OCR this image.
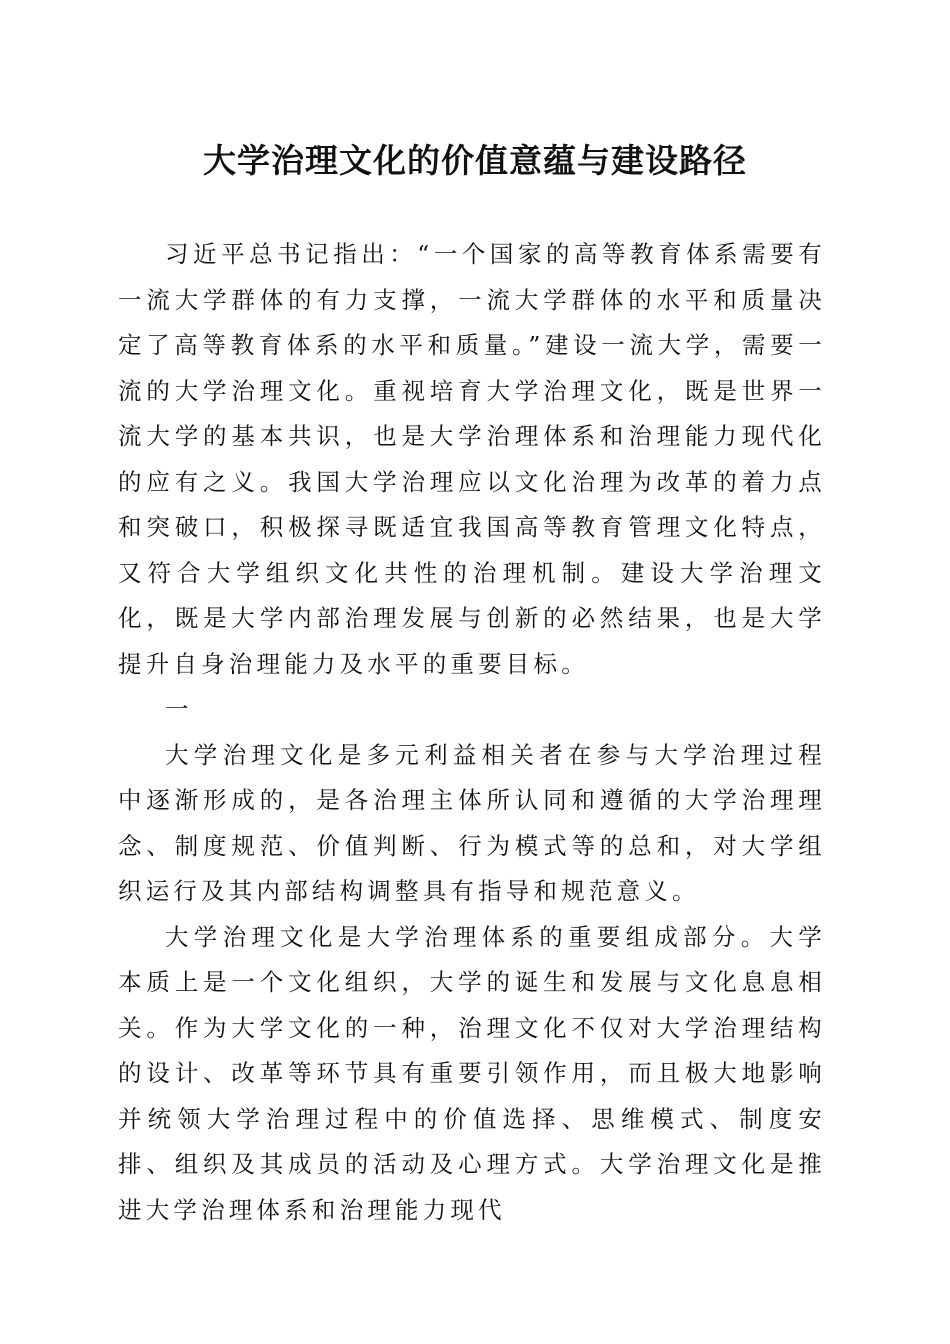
大学治理文化的价值意蕴与建设路径

习近平总书记指出：“一个国家的高等教育体系需要有一流大学群体的有力支撑，一流大学群体的水平和质量决定了高等教育体系的水平和质量。”建设一流大学，需要一流的大学治理文化。重视培育大学治理文化，既是世界一流大学的基本共识，也是大学治理体系和治理能力现代化的应有之义。我国大学治理应以文化治理为改革的着力点和突破口，积极探寻既适宜我国高等教育管理文化特点，又符合大学组织文化共性的治理机制。建设大学治理文化，既是大学内部治理发展与创新的必然结果，也是大学提升自身治理能力及水平的重要目标。

一

大学治理文化是多元利益相关者在参与大学治理过程中逐渐形成的，是各治理主体所认同和遵循的大学治理理念、制度规范、价值判断、行为模式等的总和，对大学组织运行及其内部结构调整具有指导和规范意义。

大学治理文化是大学治理体系的重要组成部分。大学本质上是一个文化组织，大学的诞生和发展与文化息息相关。作为大学文化的一种，治理文化不仅对大学治理结构的设计、改革等环节具有重要引领作用，而且极大地影响并统领大学治理过程中的价值选择、思维模式、制度安排、组织及其成员的活动及心理方式。大学治理文化是推进大学治理体系和治理能力现代
